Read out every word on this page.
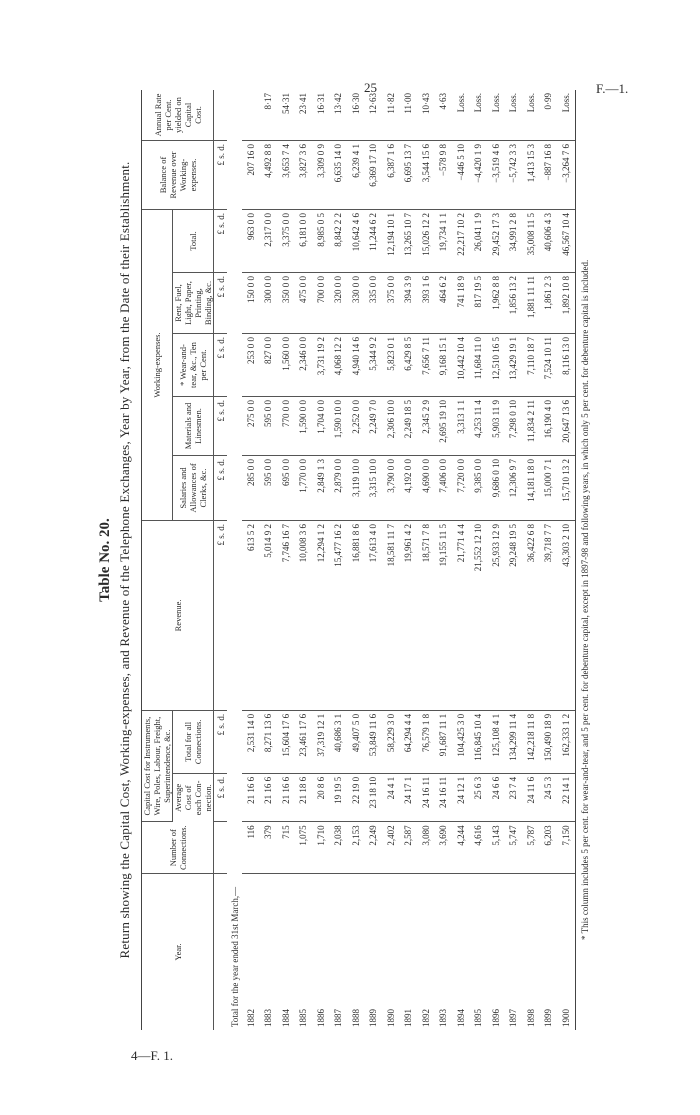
25	F.—1.
4—F. 1.
Table No. 20. Return showing the Capital Cost, Working-expenses, and Revenue of the Telephone Exchanges, Year by Year, from the Date of their Establishment.	Year.	Number of Connections.	Capital Cost for Instruments, Wire, Poles, Labour, Freight, Superintendence, &c.		Revenue.	Working-expenses.					Balance of Revenue over Working-expenses.	Annual Rate per Cent. yielded on Capital Cost.
		Average Cost of each Con-nection.	Total for all Connections.		Salaries and Allowances of Clerks, &c.	Materials and Linesmen.	* Wear-and-tear, &c., Ten per Cent.	Rent, Fuel, Light, Paper, Printing, Binding, &c.	Total.		
		£ s. d.	£ s. d.	£ s. d.	£ s. d.	£ s. d.	£ s. d.	£ s. d.	£ s. d.	£ s. d.	
Total for the year ended 31st March,—											
1882	116	21 16 6	2,531 14 0	613 5 2	285 0 0	275 0 0	253 0 0	150 0 0	963 0 0	207 16 0	
1883	379	21 16 6	8,271 13 6	5,014 9 2	595 0 0	595 0 0	827 0 0	300 0 0	2,317 0 0	4,492 8 8	8·17
1884	715	21 16 6	15,604 17 6	7,746 16 7	695 0 0	770 0 0	1,560 0 0	350 0 0	3,375 0 0	3,653 7 4	54·31
1885	1,075	21 18 6	23,461 17 6	10,008 3 6	1,770 0 0	1,590 0 0	2,346 0 0	475 0 0	6,181 0 0	3,827 3 6	23·41
1886	1,710	20 8 6	37,319 12 1	12,294 1 2	2,849 1 3	1,704 0 0	3,731 19 2	700 0 0	8,985 0 5	3,309 0 9	16·31
1887	2,038	19 19 5	40,686 3 1	15,477 16 2	2,879 0 0	1,590 10 0	4,068 12 2	320 0 0	8,842 2 2	6,635 14 0	13·42
1888	2,153	22 19 0	49,407 5 0	16,881 8 6	3,119 10 0	2,252 0 0	4,940 14 6	330 0 0	10,642 4 6	6,239 4 1	16·30
1889	2,249	23 18 10	53,849 11 6	17,613 4 0	3,315 10 0	2,249 7 0	5,344 9 2	335 0 0	11,244 6 2	6,369 17 10	12·63
1890	2,402	24 4 1	58,229 3 0	18,581 11 7	3,790 0 0	2,306 10 0	5,823 0 1	375 0 0	12,194 10 1	6,387 1 6	11·82
1891	2,587	24 17 1	64,294 4 4	19,961 4 2	4,192 0 0	2,249 18 5	6,429 8 5	394 3 9	13,265 10 7	6,695 13 7	11·00
1892	3,080	24 16 11	76,579 1 8	18,571 7 8	4,690 0 0	2,345 2 9	7,656 7 11	393 1 6	15,026 12 2	3,544 15 6	10·43
1893	3,690	24 16 11	91,687 11 1	19,155 11 5	7,406 0 0	2,695 19 10	9,168 15 1	464 6 2	19,734 1 1	−578 9 8	4·63
1894	4,244	24 12 1	104,425 3 0	21,771 4 4	7,720 0 0	3,313 1 1	10,442 10 4	741 18 9	22,217 10 2	−446 5 10	Loss.
1895	4,616	25 6 3	116,845 10 4	21,552 12 10	9,385 0 0	4,253 11 4	11,684 11 0	817 19 5	26,041 1 9	−4,420 1 9	Loss.
1896	5,143	24 6 6	125,108 4 1	25,933 12 9	9,686 0 10	5,903 11 9	12,510 16 5	1,962 8 8	29,452 17 3	−3,519 4 6	Loss.
1897	5,747	23 7 4	134,299 11 4	29,248 19 5	12,306 9 7	7,298 0 10	13,429 19 1	1,856 13 2	34,991 2 8	−5,742 3 3	Loss.
1898	5,787	24 11 6	142,218 11 8	36,422 6 8	14,181 18 0	11,834 2 11	7,110 18 7	1,881 11 11	35,008 11 5	1,413 15 3	Loss.
1899	6,203	24 5 3	150,490 18 9	39,718 7 7	15,000 7 1	16,190 4 0	7,524 10 11	1,861 2 3	40,606 4 3	−887 16 8	0·99
1900	7,150	22 14 1	162,333 1 2	43,303 2 10	15,710 13 2	20,647 13 6	8,116 13 0	1,892 10 8	46,567 10 4	−3,264 7 6	Loss.
* This column includes 5 per cent. for wear-and-tear, and 5 per cent. for debenture capital, except in 1897-98 and following years, in which only 5 per cent. for debenture capital is included.
